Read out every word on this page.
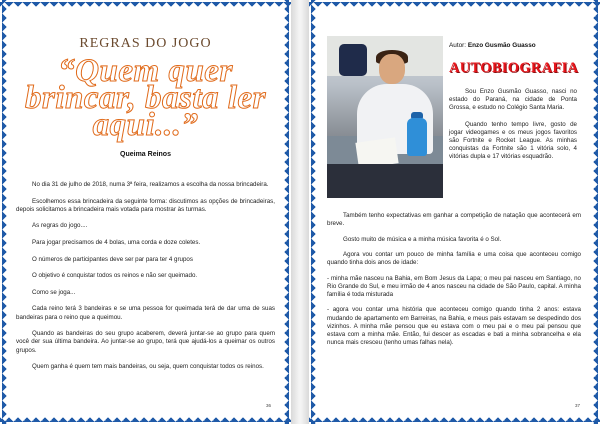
REGRAS DO JOGO
“Quem quer brincar, basta ler aqui...”
Queima Reinos

No dia 31 de julho de 2018, numa 3ª feira, realizamos a escolha da nossa brincadeira.

Escolhemos essa brincadeira da seguinte forma: discutimos as opções de brincadeiras, depois solicitamos a brincadeira mais votada para mostrar às turmas.

As regras do jogo....

Para jogar precisamos de 4 bolas, uma corda e doze coletes.

O números de participantes deve ser par para ter 4 grupos

O objetivo é conquistar todos os reinos e não ser queimado.

Como se joga...

Cada reino terá 3 bandeiras e se uma pessoa for queimada terá de dar uma de suas bandeiras para o reino que a queimou.

Quando as bandeiras do seu grupo acaberem, deverá juntar-se ao grupo para quem você der sua última bandeira. Ao juntar-se ao grupo, terá que ajudá-los a queimar os outros grupos.

Quem ganha é quem tem mais bandeiras, ou seja, quem conquistar todos os reinos.

36
Autor: Enzo Gusmão Guasso
AUTOBIOGRAFIA

Sou Enzo Gusmão Guasso, nasci no estado do Paraná, na cidade de Ponta Grossa, e estudo no Colégio Santa Maria.

Quando tenho tempo livre, gosto de jogar videogames e os meus jogos favoritos são Fortnite e Rocket League. As minhas conquistas da Fortnite são 1 vitória solo, 4 vitórias dupla e 17 vitórias esquadrão.

Também tenho expectativas em ganhar a competição de natação que acontecerá em breve.

Gosto muito de música e a minha música favorita é o Sol.

Agora vou contar um pouco de minha família e uma coisa que aconteceu comigo quando tinha dois anos de idade:

- minha mãe nasceu na Bahia, em Bom Jesus da Lapa; o meu pai nasceu em Santiago, no Rio Grande do Sul, e meu irmão de 4 anos nasceu na cidade de São Paulo, capital. A minha família é toda misturada

- agora vou contar uma história que aconteceu comigo quando tinha 2 anos: estava mudando de apartamento em Barreiras, na Bahia, e meus pais estavam se despedindo dos vizinhos. A minha mãe pensou que eu estava com o meu pai e o meu pai pensou que estava com a minha mãe. Então, fui descer as escadas e bati a minha sobrancelha e ela nunca mais cresceu (tenho umas falhas nela).

37
